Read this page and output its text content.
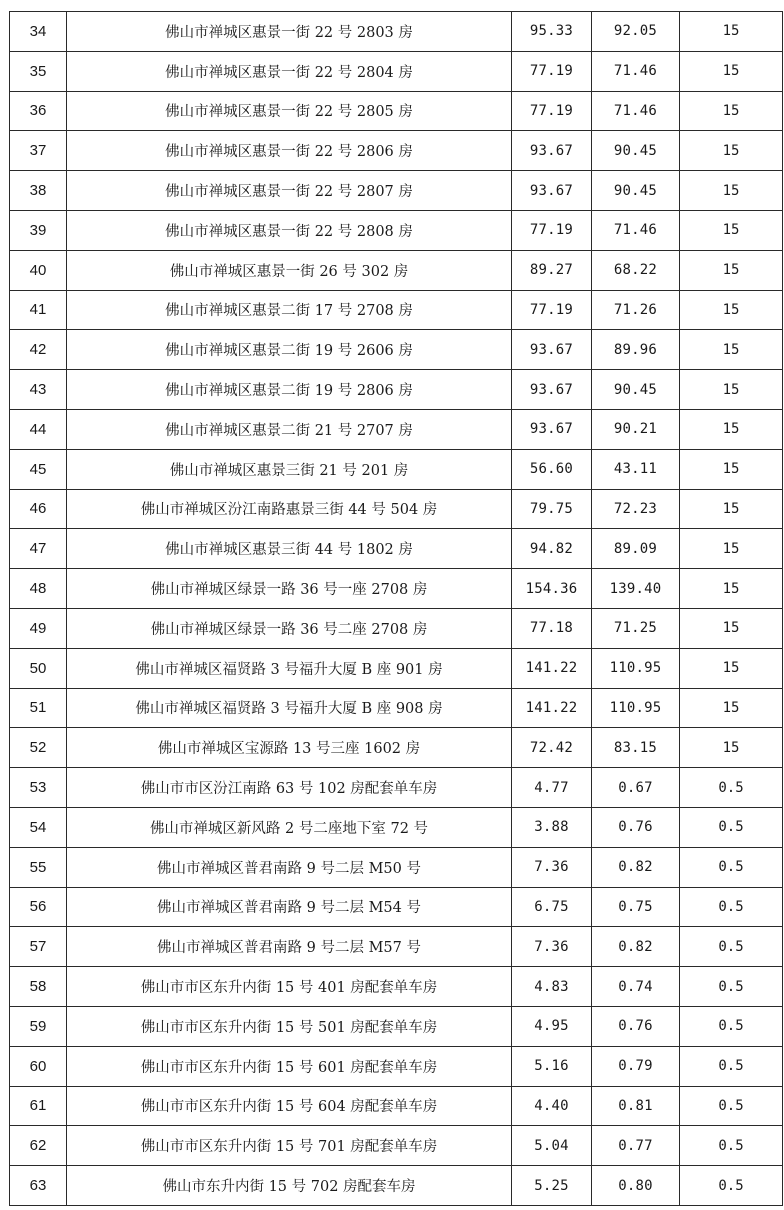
34	佛山市禅城区惠景一街 22 号 2803 房	95.33	92.05	15
35	佛山市禅城区惠景一街 22 号 2804 房	77.19	71.46	15
36	佛山市禅城区惠景一街 22 号 2805 房	77.19	71.46	15
37	佛山市禅城区惠景一街 22 号 2806 房	93.67	90.45	15
38	佛山市禅城区惠景一街 22 号 2807 房	93.67	90.45	15
39	佛山市禅城区惠景一街 22 号 2808 房	77.19	71.46	15
40	佛山市禅城区惠景一街 26 号 302 房	89.27	68.22	15
41	佛山市禅城区惠景二街 17 号 2708 房	77.19	71.26	15
42	佛山市禅城区惠景二街 19 号 2606 房	93.67	89.96	15
43	佛山市禅城区惠景二街 19 号 2806 房	93.67	90.45	15
44	佛山市禅城区惠景二街 21 号 2707 房	93.67	90.21	15
45	佛山市禅城区惠景三街 21 号 201 房	56.60	43.11	15
46	佛山市禅城区汾江南路惠景三街 44 号 504 房	79.75	72.23	15
47	佛山市禅城区惠景三街 44 号 1802 房	94.82	89.09	15
48	佛山市禅城区绿景一路 36 号一座 2708 房	154.36	139.40	15
49	佛山市禅城区绿景一路 36 号二座 2708 房	77.18	71.25	15
50	佛山市禅城区福贤路 3 号福升大厦 B 座 901 房	141.22	110.95	15
51	佛山市禅城区福贤路 3 号福升大厦 B 座 908 房	141.22	110.95	15
52	佛山市禅城区宝源路 13 号三座 1602 房	72.42	83.15	15
53	佛山市市区汾江南路 63 号 102 房配套单车房	4.77	0.67	0.5
54	佛山市禅城区新风路 2 号二座地下室 72 号	3.88	0.76	0.5
55	佛山市禅城区普君南路 9 号二层 M50 号	7.36	0.82	0.5
56	佛山市禅城区普君南路 9 号二层 M54 号	6.75	0.75	0.5
57	佛山市禅城区普君南路 9 号二层 M57 号	7.36	0.82	0.5
58	佛山市市区东升内街 15 号 401 房配套单车房	4.83	0.74	0.5
59	佛山市市区东升内街 15 号 501 房配套单车房	4.95	0.76	0.5
60	佛山市市区东升内街 15 号 601 房配套单车房	5.16	0.79	0.5
61	佛山市市区东升内街 15 号 604 房配套单车房	4.40	0.81	0.5
62	佛山市市区东升内街 15 号 701 房配套单车房	5.04	0.77	0.5
63	佛山市东升内街 15 号 702 房配套车房	5.25	0.80	0.5
